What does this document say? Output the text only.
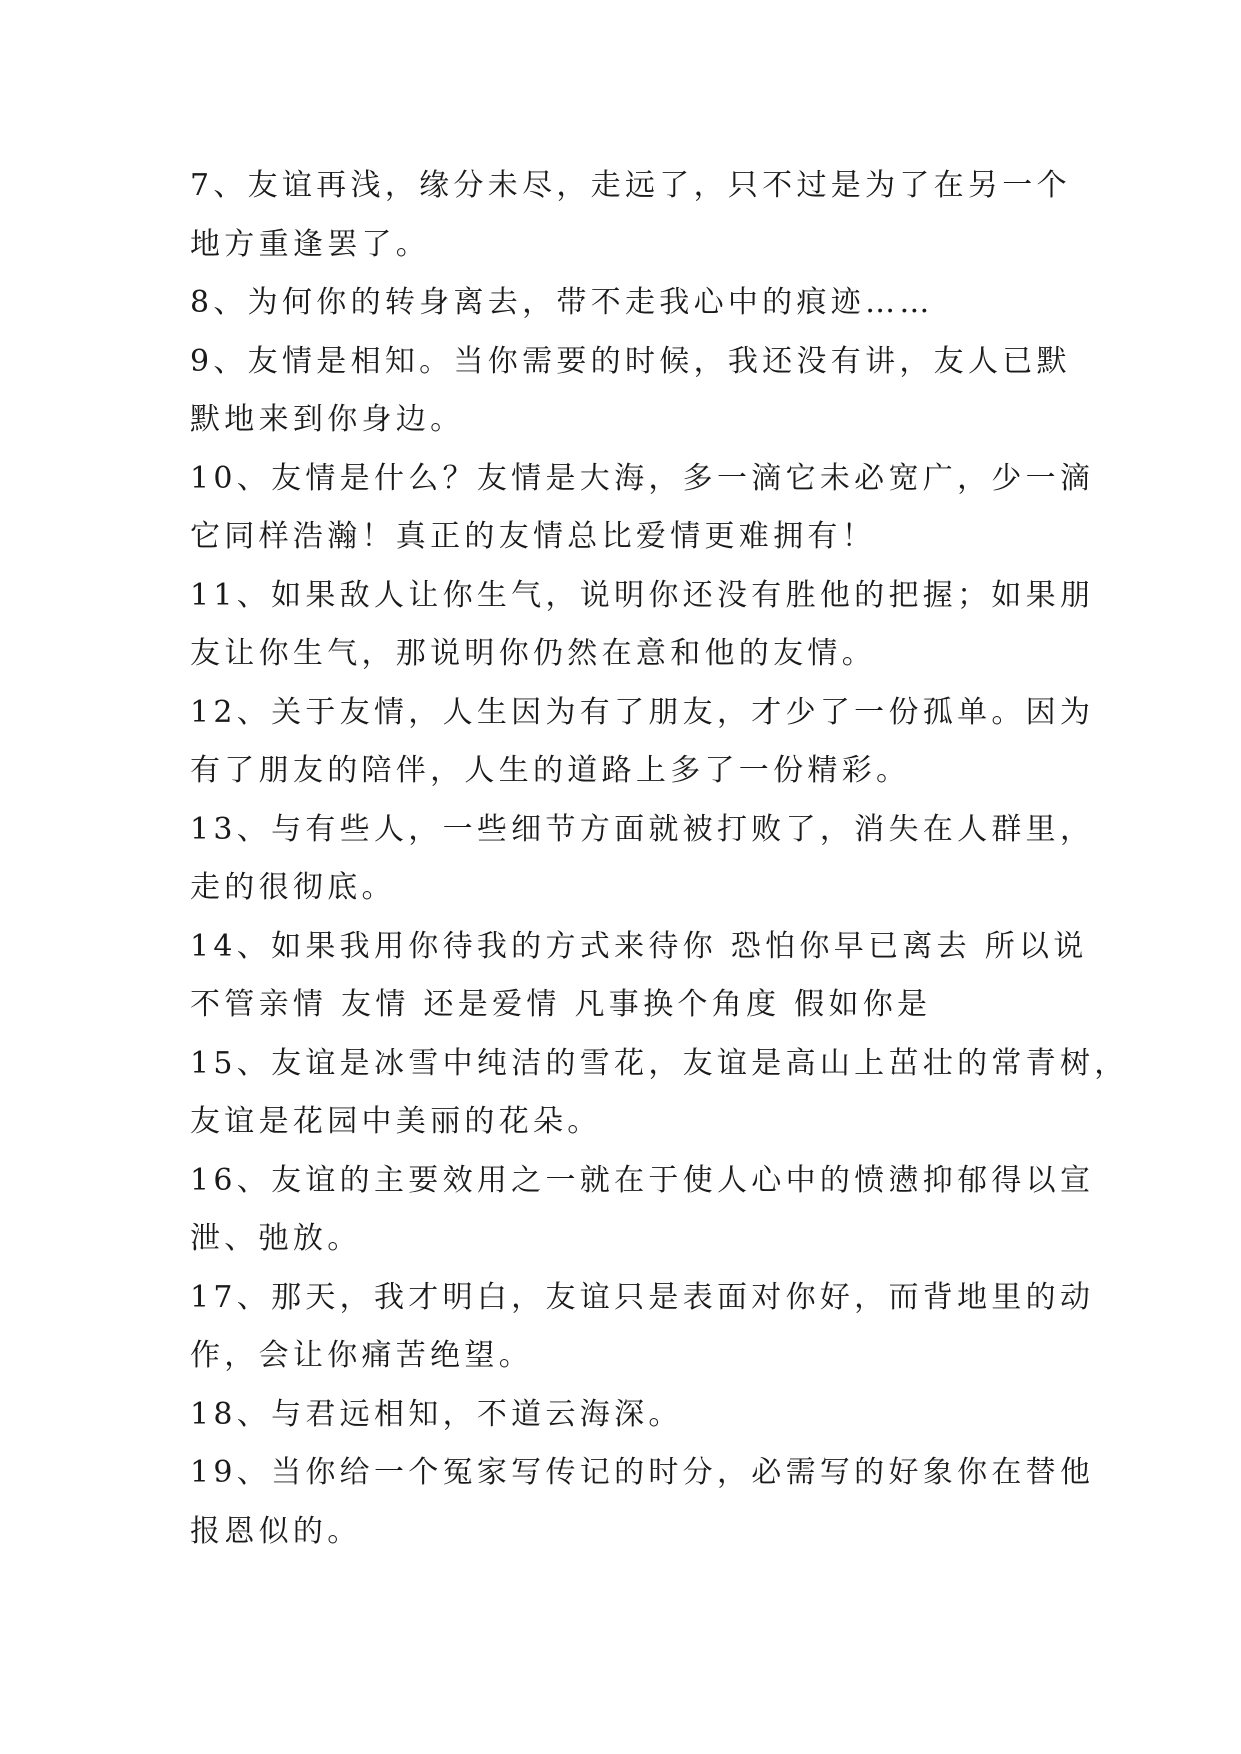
7、友谊再浅，缘分未尽，走远了，只不过是为了在另一个
地方重逢罢了。
8、为何你的转身离去，带不走我心中的痕迹……
9、友情是相知。当你需要的时候，我还没有讲，友人已默
默地来到你身边。
10、友情是什么？友情是大海，多一滴它未必宽广，少一滴
它同样浩瀚！真正的友情总比爱情更难拥有！
11、如果敌人让你生气，说明你还没有胜他的把握；如果朋
友让你生气，那说明你仍然在意和他的友情。
12、关于友情，人生因为有了朋友，才少了一份孤单。因为
有了朋友的陪伴，人生的道路上多了一份精彩。
13、与有些人，一些细节方面就被打败了，消失在人群里，
走的很彻底。
14、如果我用你待我的方式来待你 恐怕你早已离去 所以说
不管亲情 友情 还是爱情 凡事换个角度 假如你是
15、友谊是冰雪中纯洁的雪花，友谊是高山上茁壮的常青树，
友谊是花园中美丽的花朵。
16、友谊的主要效用之一就在于使人心中的愤懑抑郁得以宣
泄、弛放。
17、那天，我才明白，友谊只是表面对你好，而背地里的动
作，会让你痛苦绝望。
18、与君远相知，不道云海深。
19、当你给一个冤家写传记的时分，必需写的好象你在替他
报恩似的。
